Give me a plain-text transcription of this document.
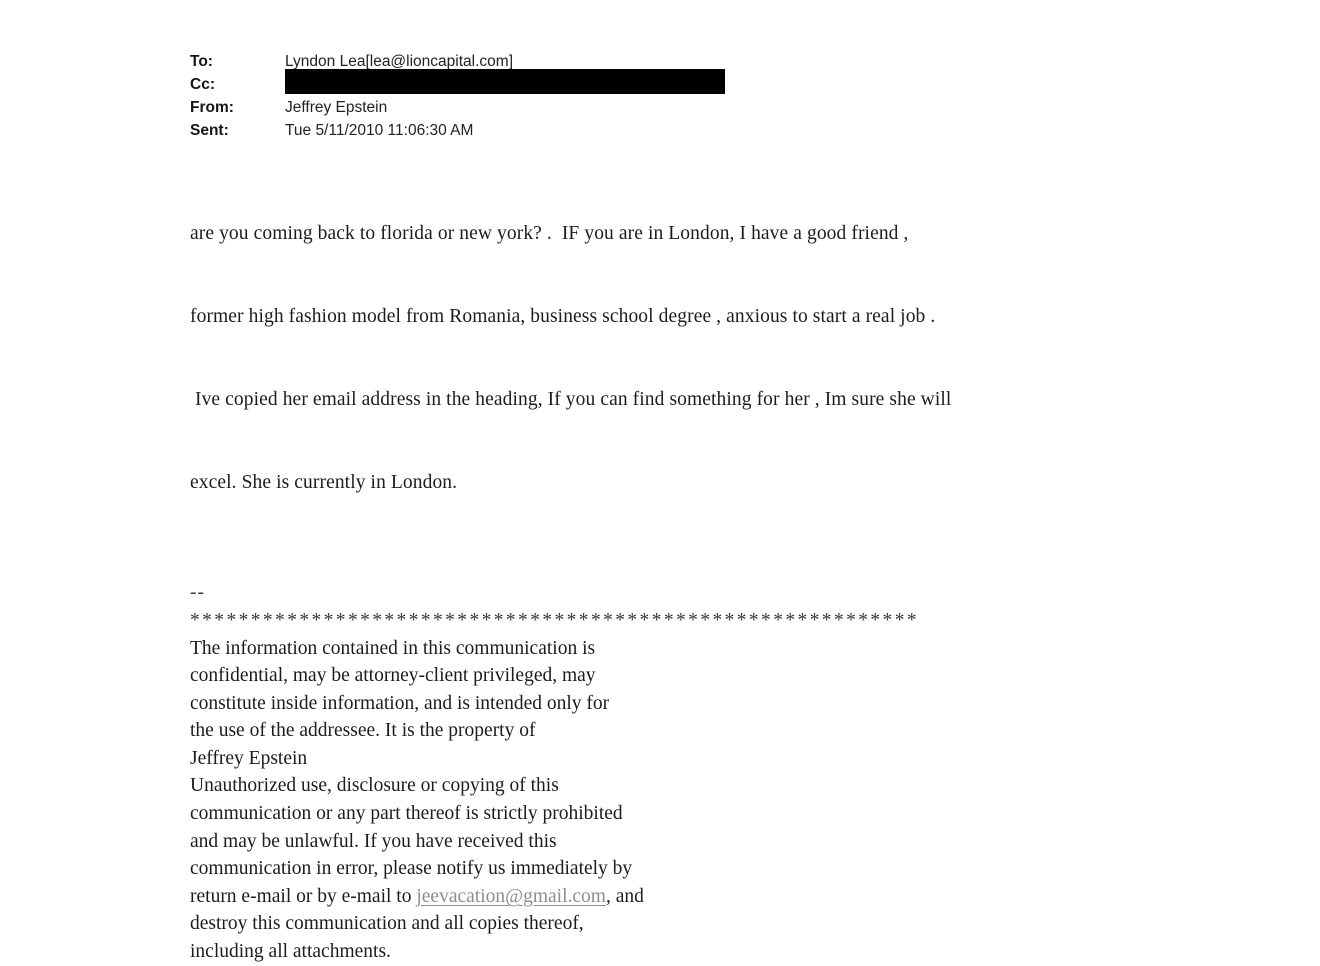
To:	Lyndon Lea[lea@lioncapital.com]
Cc:
From:	Jeffrey Epstein
Sent:	Tue 5/11/2010 11:06:30 AM

are you coming back to florida or new york? .  IF you are in London, I have a good friend ,

former high fashion model from Romania, business school degree , anxious to start a real job .

Ive copied her email address in the heading, If you can find something for her , Im sure she will

excel. She is currently in London.

--
************************************************************
The information contained in this communication is
confidential, may be attorney-client privileged, may
constitute inside information, and is intended only for
the use of the addressee. It is the property of
Jeffrey Epstein
Unauthorized use, disclosure or copying of this
communication or any part thereof is strictly prohibited
and may be unlawful. If you have received this
communication in error, please notify us immediately by
return e-mail or by e-mail to jeevacation@gmail.com, and
destroy this communication and all copies thereof,
including all attachments.
